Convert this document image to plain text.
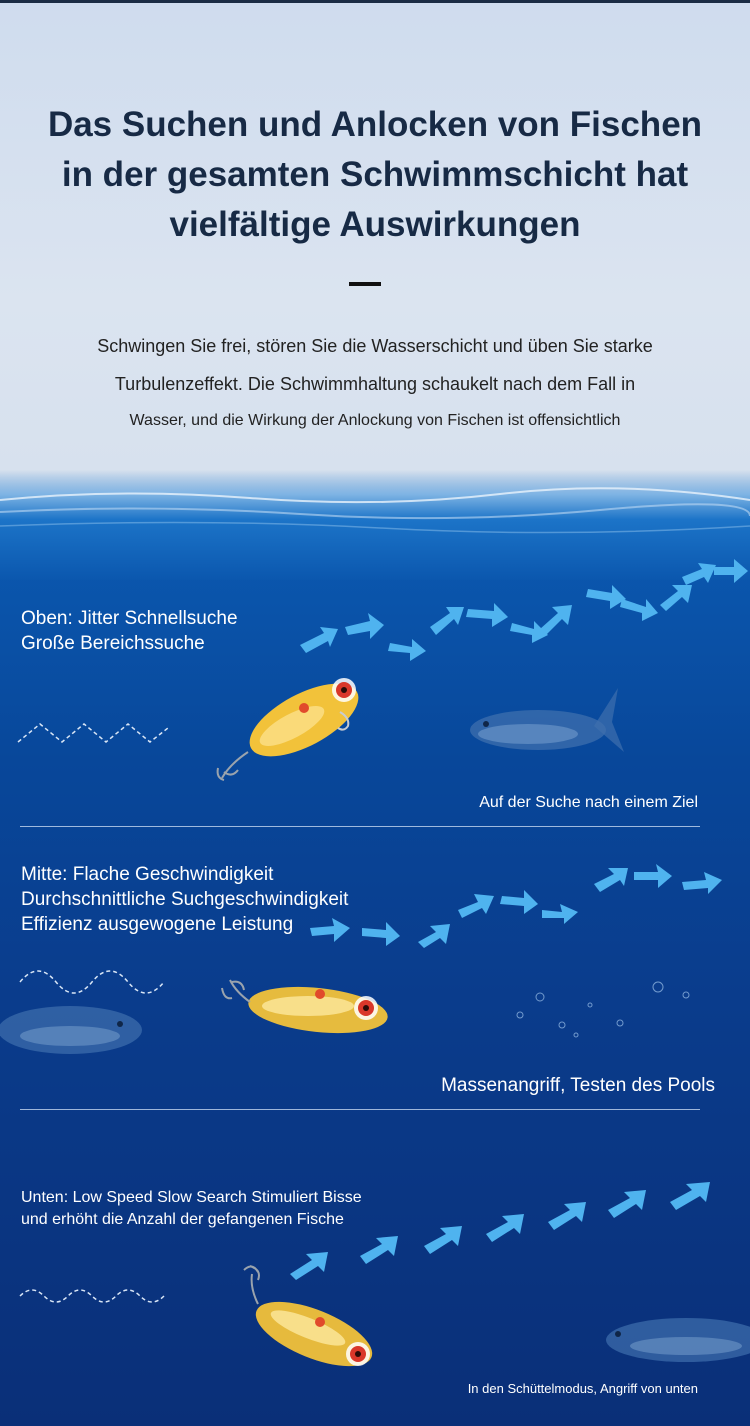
Das Suchen und Anlocken von Fischen
in der gesamten Schwimmschicht hat
vielfältige Auswirkungen

Schwingen Sie frei, stören Sie die Wasserschicht und üben Sie starke

Turbulenzeffekt. Die Schwimmhaltung schaukelt nach dem Fall in

Wasser, und die Wirkung der Anlockung von Fischen ist offensichtlich

Oben: Jitter Schnellsuche
Große Bereichssuche

Auf der Suche nach einem Ziel

Mitte: Flache Geschwindigkeit
Durchschnittliche Suchgeschwindigkeit
Effizienz ausgewogene Leistung

Massenangriff, Testen des Pools

Unten: Low Speed Slow Search Stimuliert Bisse
und erhöht die Anzahl der gefangenen Fische

In den Schüttelmodus, Angriff von unten
